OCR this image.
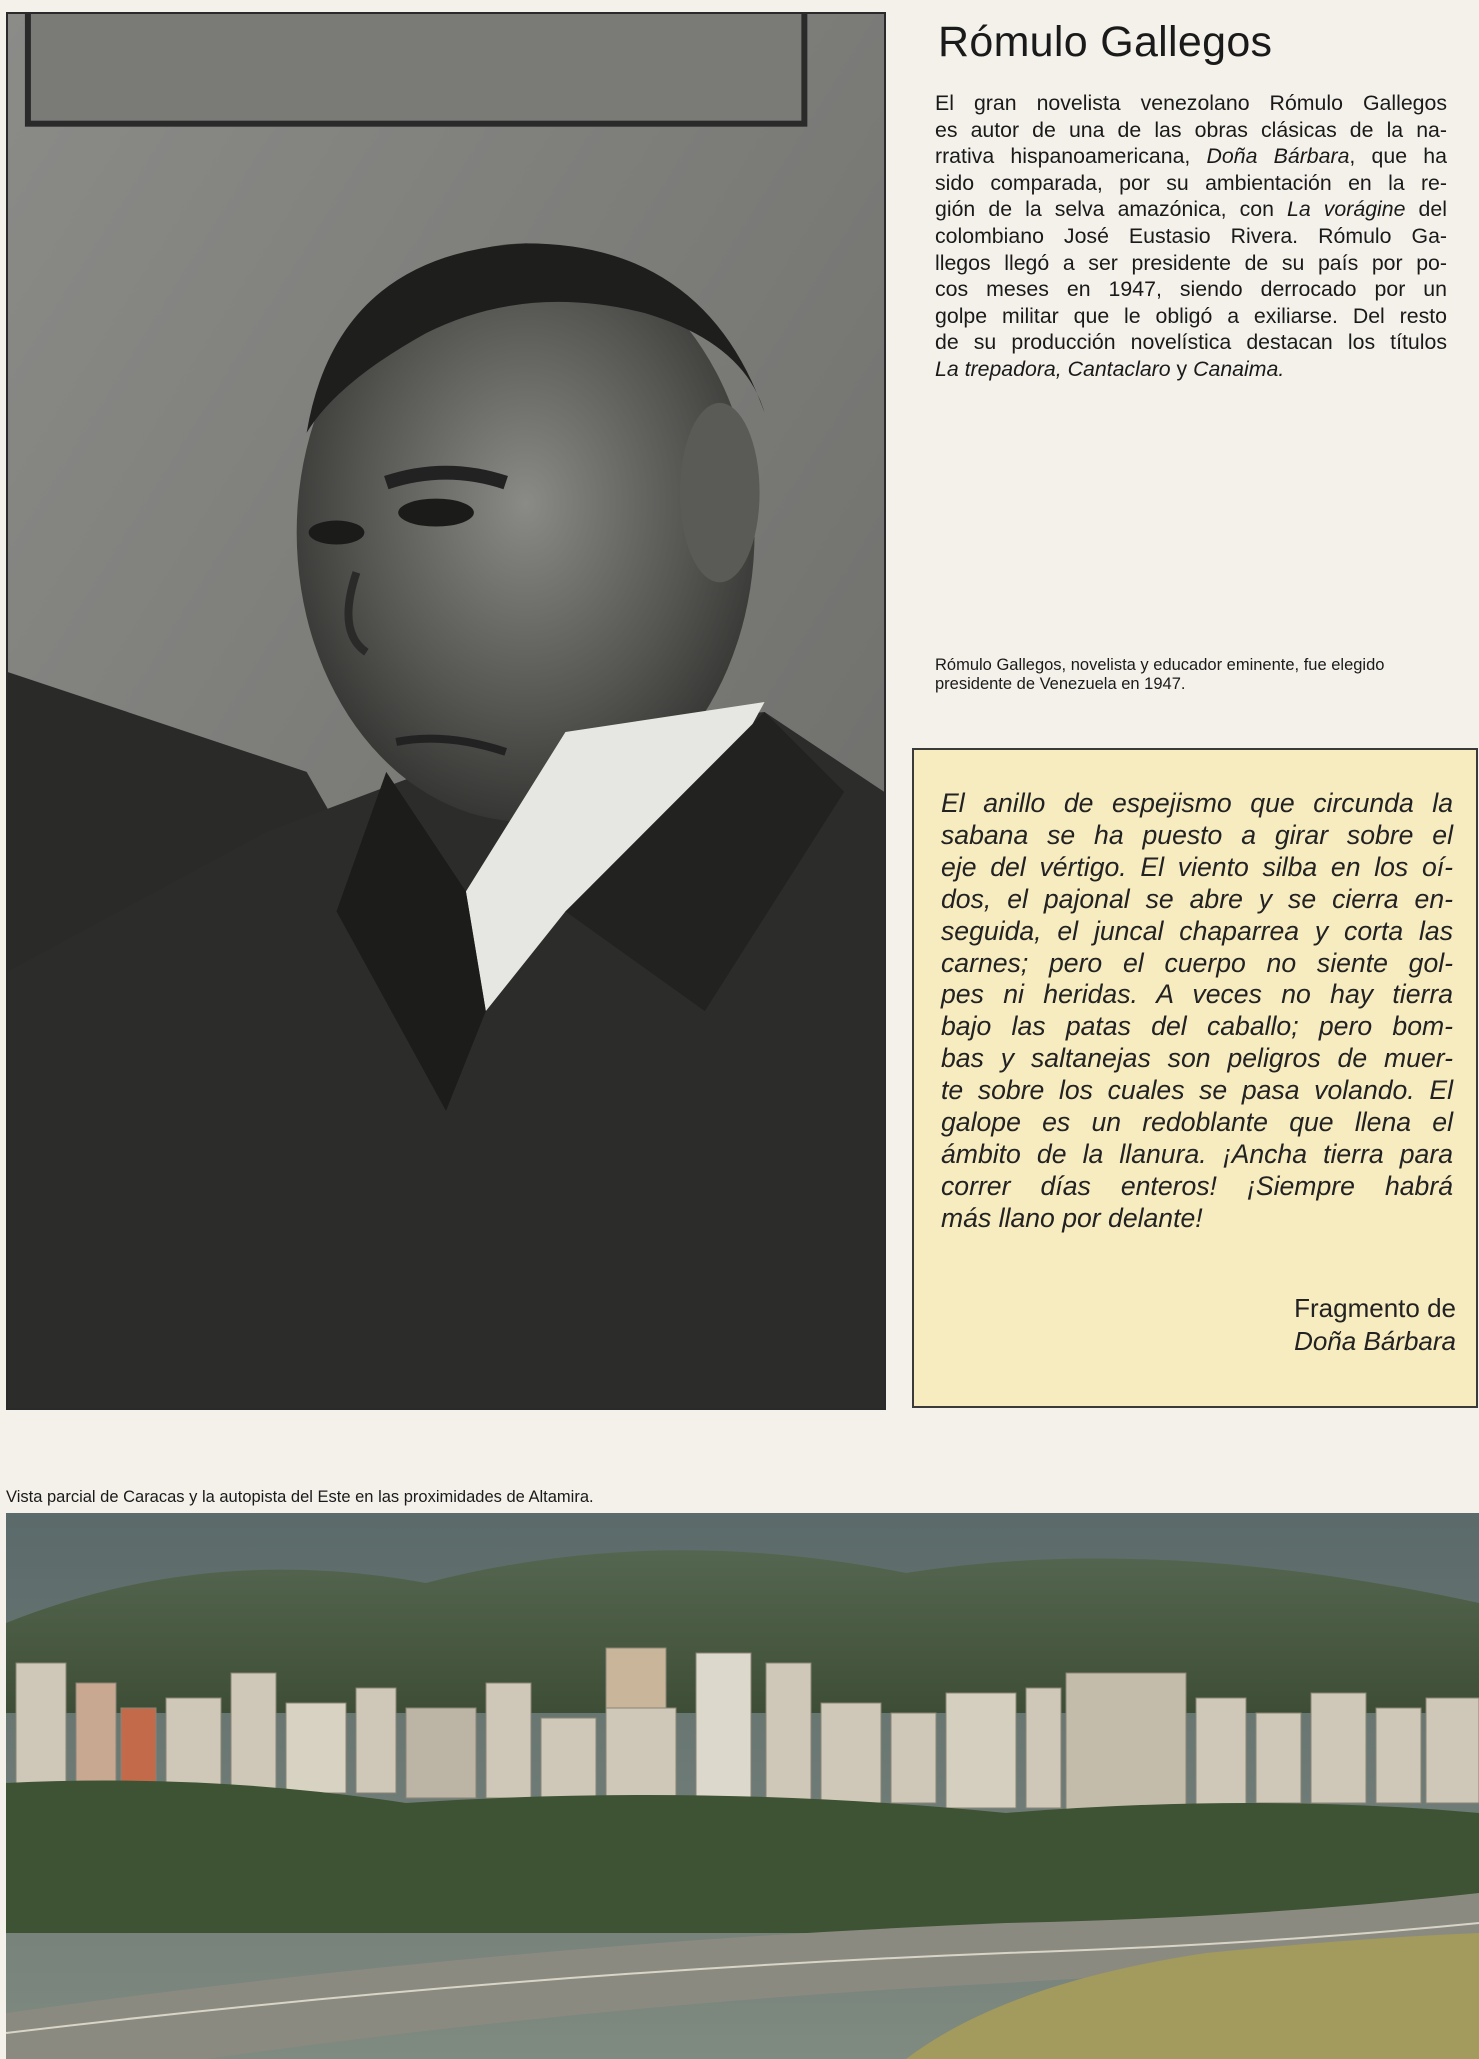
Rómulo Gallegos

El gran novelista venezolano Rómulo Gallegos
es autor de una de las obras clásicas de la na-
rrativa hispanoamericana, Doña Bárbara, que ha
sido comparada, por su ambientación en la re-
gión de la selva amazónica, con La vorágine del
colombiano José Eustasio Rivera. Rómulo Ga-
llegos llegó a ser presidente de su país por po-
cos meses en 1947, siendo derrocado por un
golpe militar que le obligó a exiliarse. Del resto
de su producción novelística destacan los títulos
La trepadora, Cantaclaro y Canaima.

Rómulo Gallegos, novelista y educador eminente, fue elegido presidente de Venezuela en 1947.

El anillo de espejismo que circunda la
sabana se ha puesto a girar sobre el
eje del vértigo. El viento silba en los oí-
dos, el pajonal se abre y se cierra en-
seguida, el juncal chaparrea y corta las
carnes; pero el cuerpo no siente gol-
pes ni heridas. A veces no hay tierra
bajo las patas del caballo; pero bom-
bas y saltanejas son peligros de muer-
te sobre los cuales se pasa volando. El
galope es un redoblante que llena el
ámbito de la llanura. ¡Ancha tierra para
correr días enteros! ¡Siempre habrá
más llano por delante!

Fragmento de
Doña Bárbara

Vista parcial de Caracas y la autopista del Este en las proximidades de Altamira.
